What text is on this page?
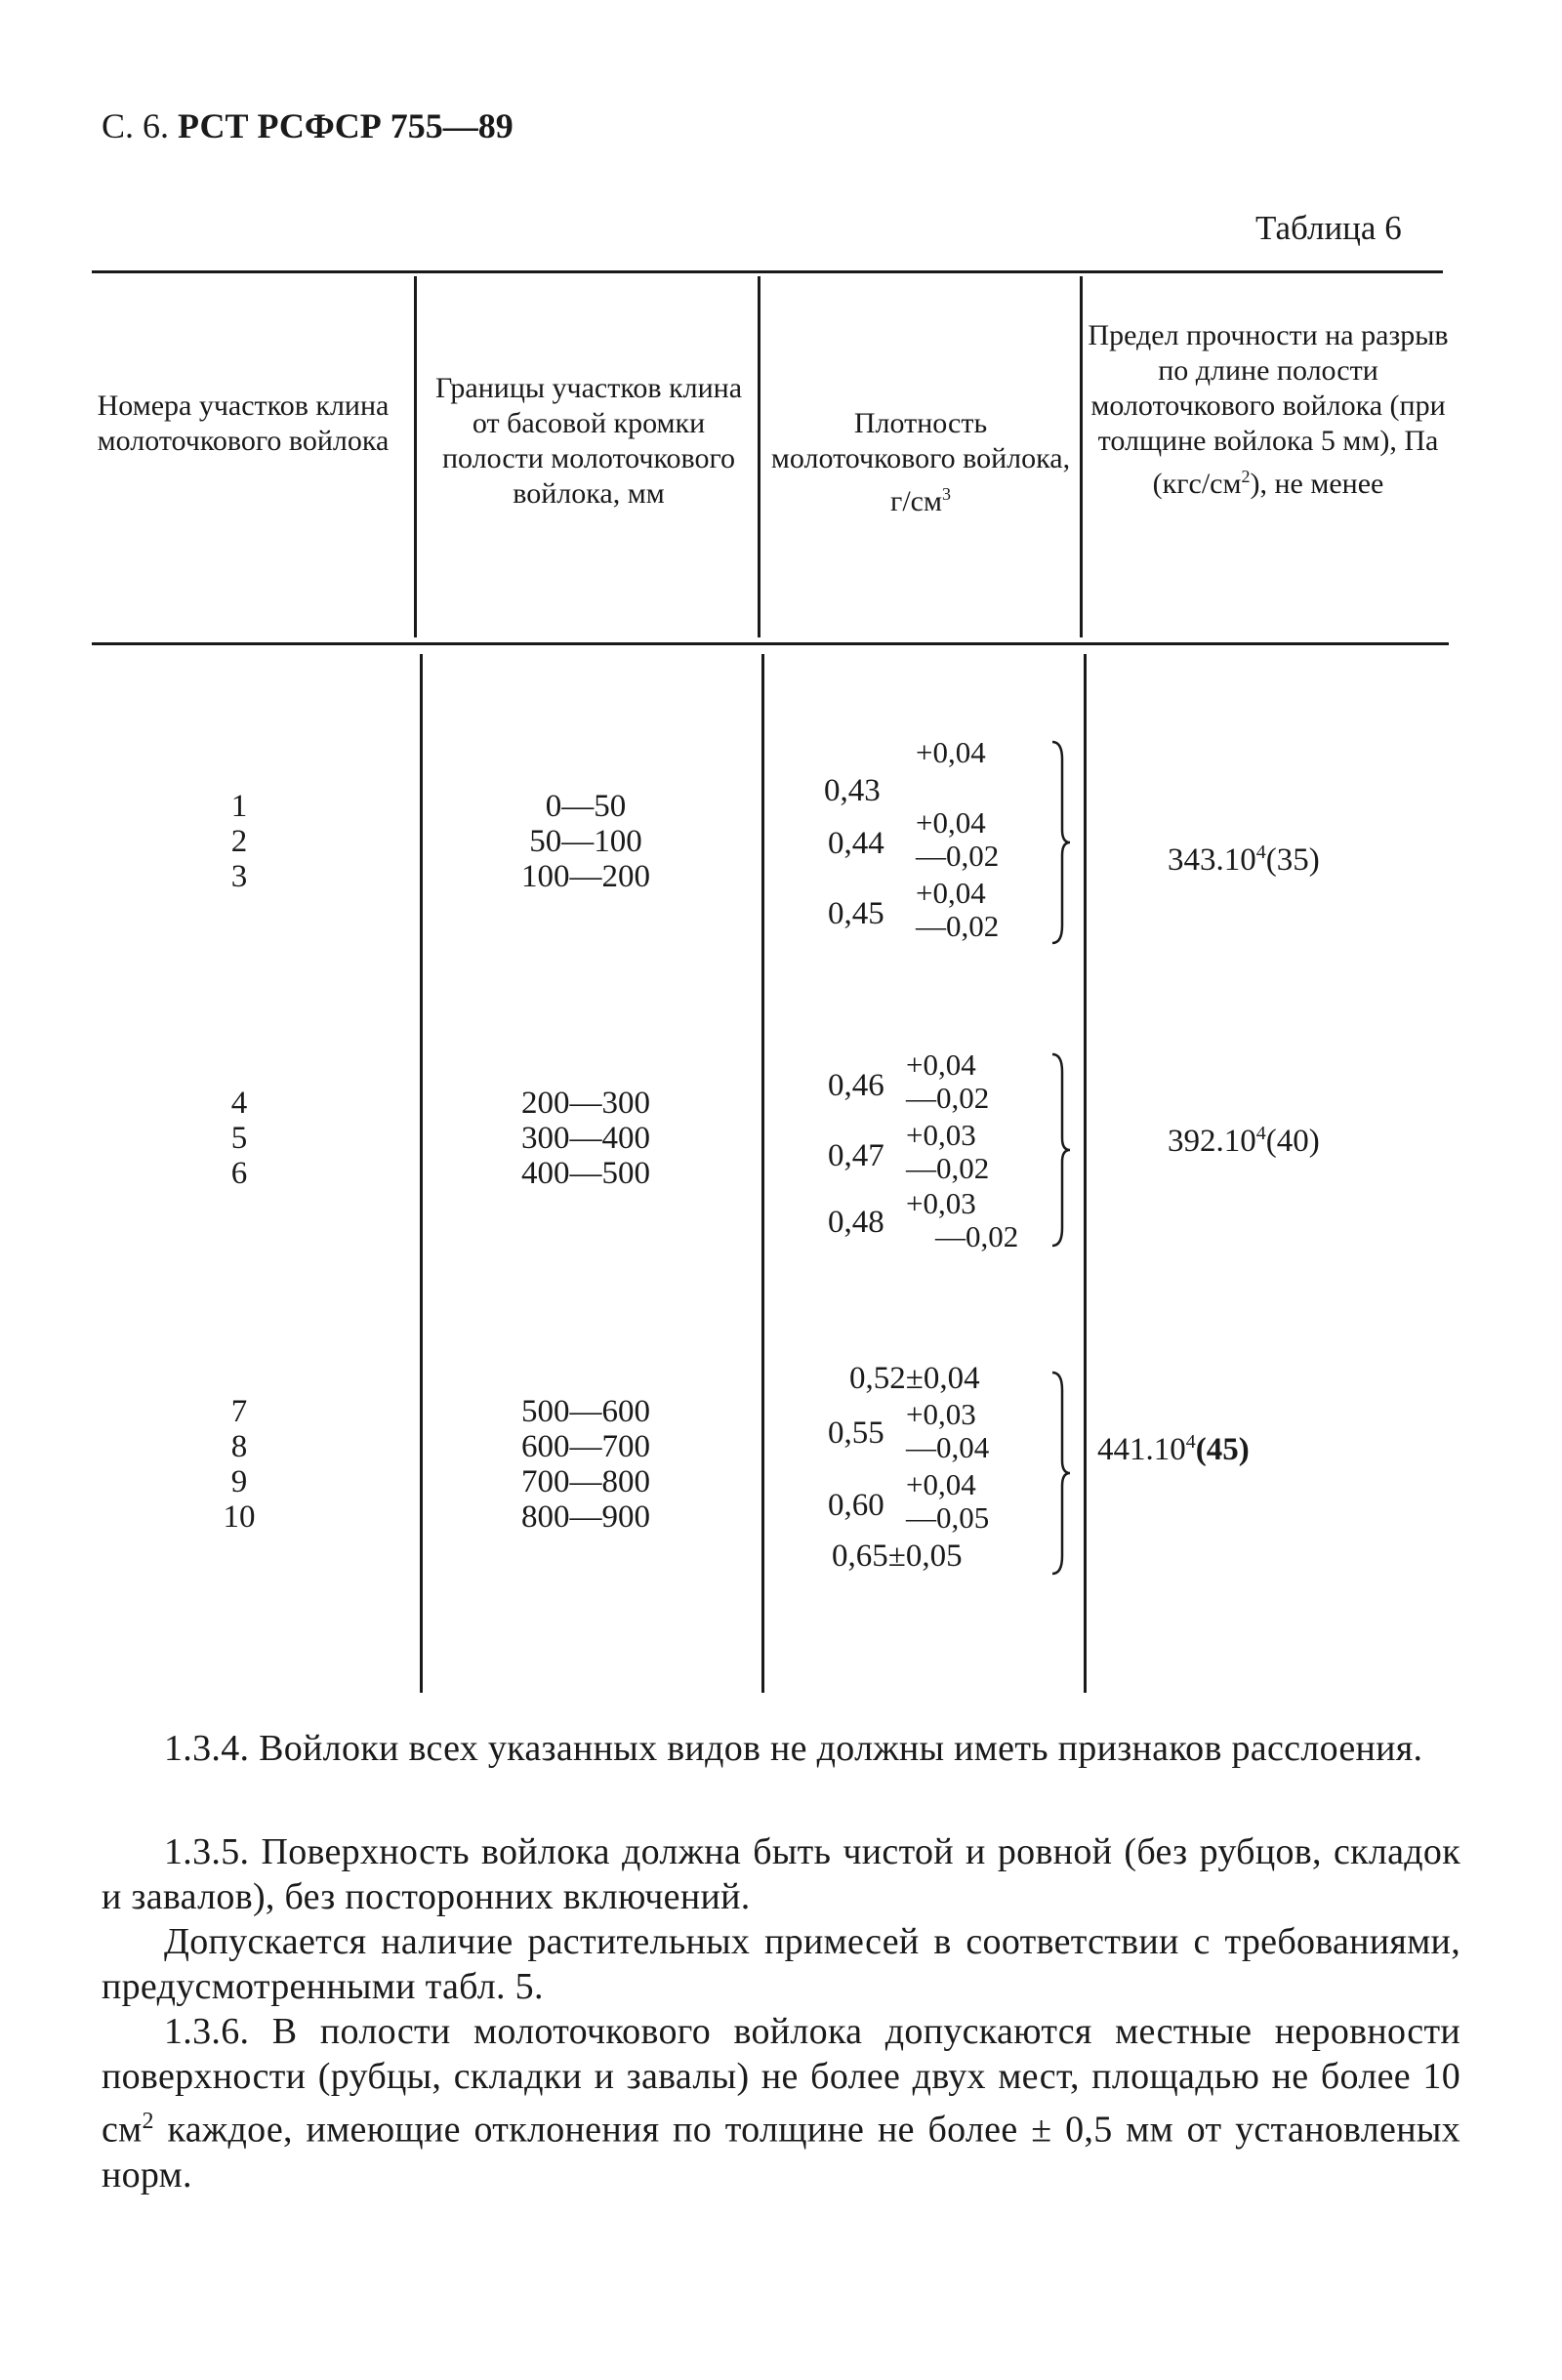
С. 6. РСТ РСФСР 755—89
Таблица 6
Номера участков клина молоточкового войлока
Границы участков клина от басовой кромки полости молоточкового войлока, мм
Плотность молоточкового войлока, $г/см^3$
Предел прочности на разрыв по длине полости молоточкового войлока (при толщине войлока 5 мм), Па $(кгс/см^2)$, не менее
1
2
3
0—50
50—100
100—200
+0,04
0,43
0,44
+0,04
—0,02
0,45
+0,04
—0,02
343.10$^4$(35)
4
5
6
200—300
300—400
400—500
0,46
+0,04
—0,02
0,47
+0,03
—0,02
0,48
+0,03
—0,02
392.10$^4$(40)
7
8
9
10
500—600
600—700
700—800
800—900
0,52±0,04
0,55
+0,03
—0,04
0,60
+0,04
—0,05
0,65±0,05
441.10$^4$(45)
1.3.4. Войлоки всех указанных видов не должны иметь признаков расслоения.
1.3.5. Поверхность войлока должна быть чистой и ровной (без рубцов, складок и завалов), без посторонних включений.
Допускается наличие растительных примесей в соответствии с требованиями, предусмотренными табл. 5.
1.3.6. В полости молоточкового войлока допускаются местные неровности поверхности (рубцы, складки и завалы) не более двух мест, площадью не более 10 $см^2$ каждое, имеющие отклонения по толщине не более ± 0,5 мм от установленых норм.
